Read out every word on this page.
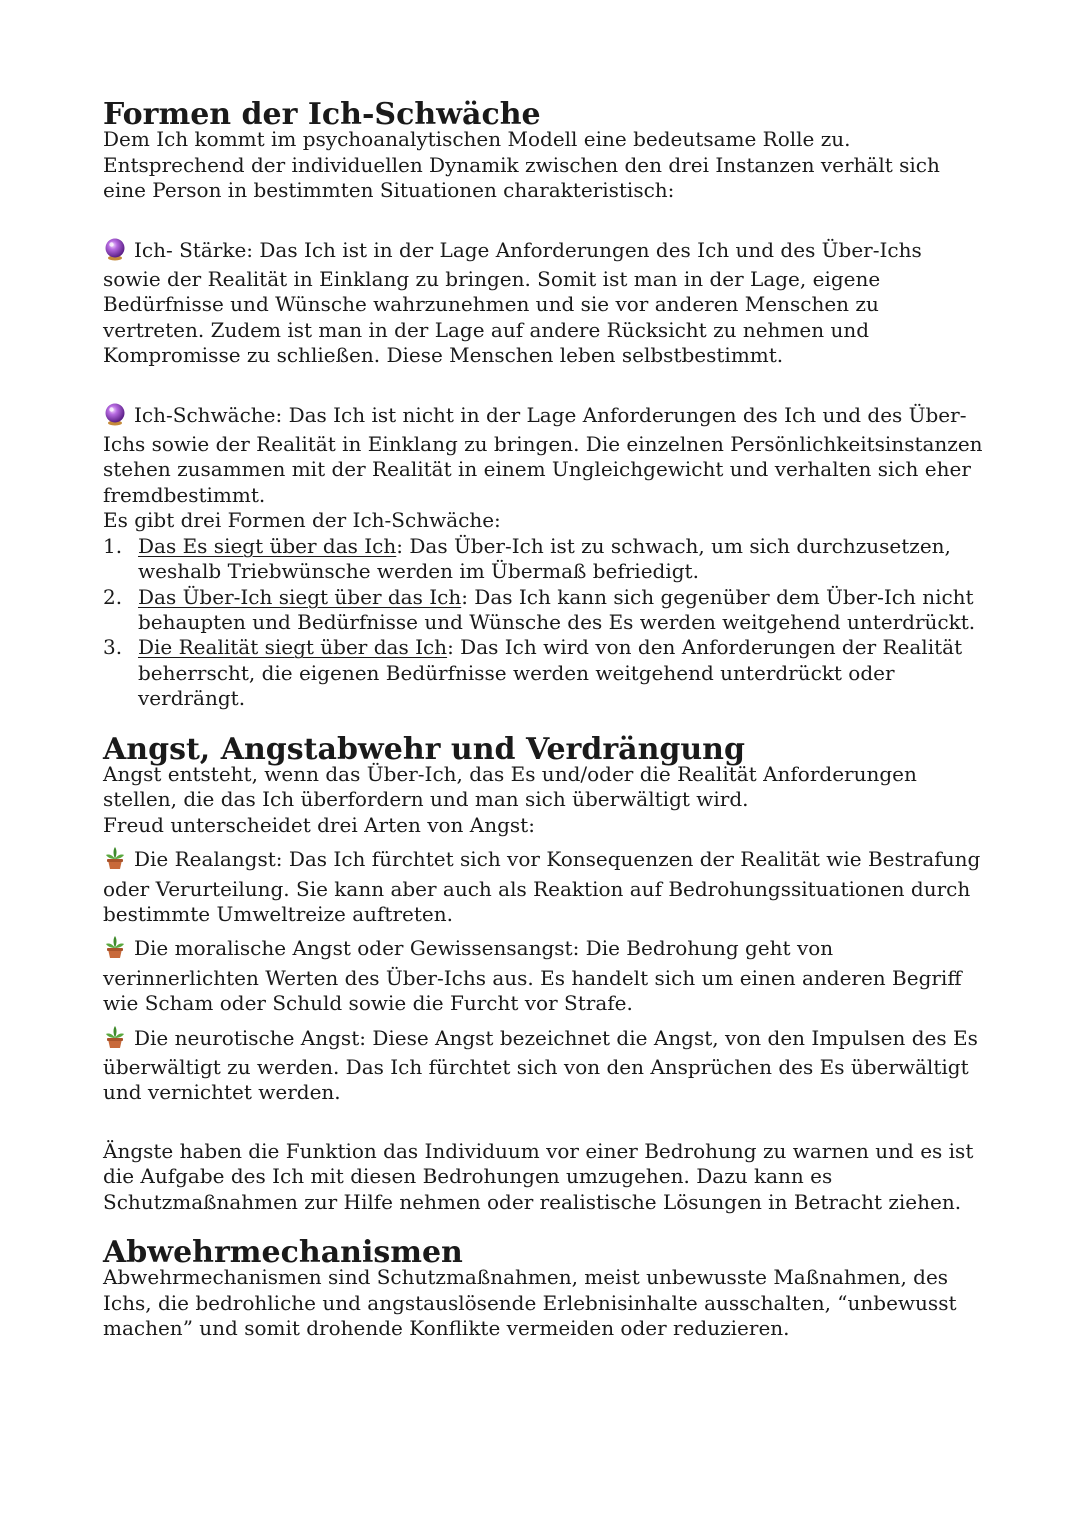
Formen der Ich-Schwäche

Dem Ich kommt im psychoanalytischen Modell eine bedeutsame Rolle zu. Entsprechend der individuellen Dynamik zwischen den drei Instanzen verhält sich eine Person in bestimmten Situationen charakteristisch:

Ich- Stärke: Das Ich ist in der Lage Anforderungen des Ich und des Über-Ichs sowie der Realität in Einklang zu bringen. Somit ist man in der Lage, eigene Bedürfnisse und Wünsche wahrzunehmen und sie vor anderen Menschen zu vertreten. Zudem ist man in der Lage auf andere Rücksicht zu nehmen und Kompromisse zu schließen. Diese Menschen leben selbstbestimmt.

Ich-Schwäche: Das Ich ist nicht in der Lage Anforderungen des Ich und des Über-Ichs sowie der Realität in Einklang zu bringen. Die einzelnen Persönlichkeitsinstanzen stehen zusammen mit der Realität in einem Ungleichgewicht und verhalten sich eher fremdbestimmt.

Es gibt drei Formen der Ich-Schwäche:

1. Das Es siegt über das Ich: Das Über-Ich ist zu schwach, um sich durchzusetzen, weshalb Triebwünsche werden im Übermaß befriedigt.
2. Das Über-Ich siegt über das Ich: Das Ich kann sich gegenüber dem Über-Ich nicht behaupten und Bedürfnisse und Wünsche des Es werden weitgehend unterdrückt.
3. Die Realität siegt über das Ich: Das Ich wird von den Anforderungen der Realität beherrscht, die eigenen Bedürfnisse werden weitgehend unterdrückt oder verdrängt.
Angst, Angstabwehr und Verdrängung

Angst entsteht, wenn das Über-Ich, das Es und/oder die Realität Anforderungen stellen, die das Ich überfordern und man sich überwältigt wird.

Freud unterscheidet drei Arten von Angst:

Die Realangst: Das Ich fürchtet sich vor Konsequenzen der Realität wie Bestrafung oder Verurteilung. Sie kann aber auch als Reaktion auf Bedrohungssituationen durch bestimmte Umweltreize auftreten.

Die moralische Angst oder Gewissensangst: Die Bedrohung geht von verinnerlichten Werten des Über-Ichs aus. Es handelt sich um einen anderen Begriff wie Scham oder Schuld sowie die Furcht vor Strafe.

Die neurotische Angst: Diese Angst bezeichnet die Angst, von den Impulsen des Es überwältigt zu werden. Das Ich fürchtet sich von den Ansprüchen des Es überwältigt und vernichtet werden.

Ängste haben die Funktion das Individuum vor einer Bedrohung zu warnen und es ist die Aufgabe des Ich mit diesen Bedrohungen umzugehen. Dazu kann es Schutzmaßnahmen zur Hilfe nehmen oder realistische Lösungen in Betracht ziehen.

Abwehrmechanismen

Abwehrmechanismen sind Schutzmaßnahmen, meist unbewusste Maßnahmen, des Ichs, die bedrohliche und angstauslösende Erlebnisinhalte ausschalten, “unbewusst machen” und somit drohende Konflikte vermeiden oder reduzieren.
